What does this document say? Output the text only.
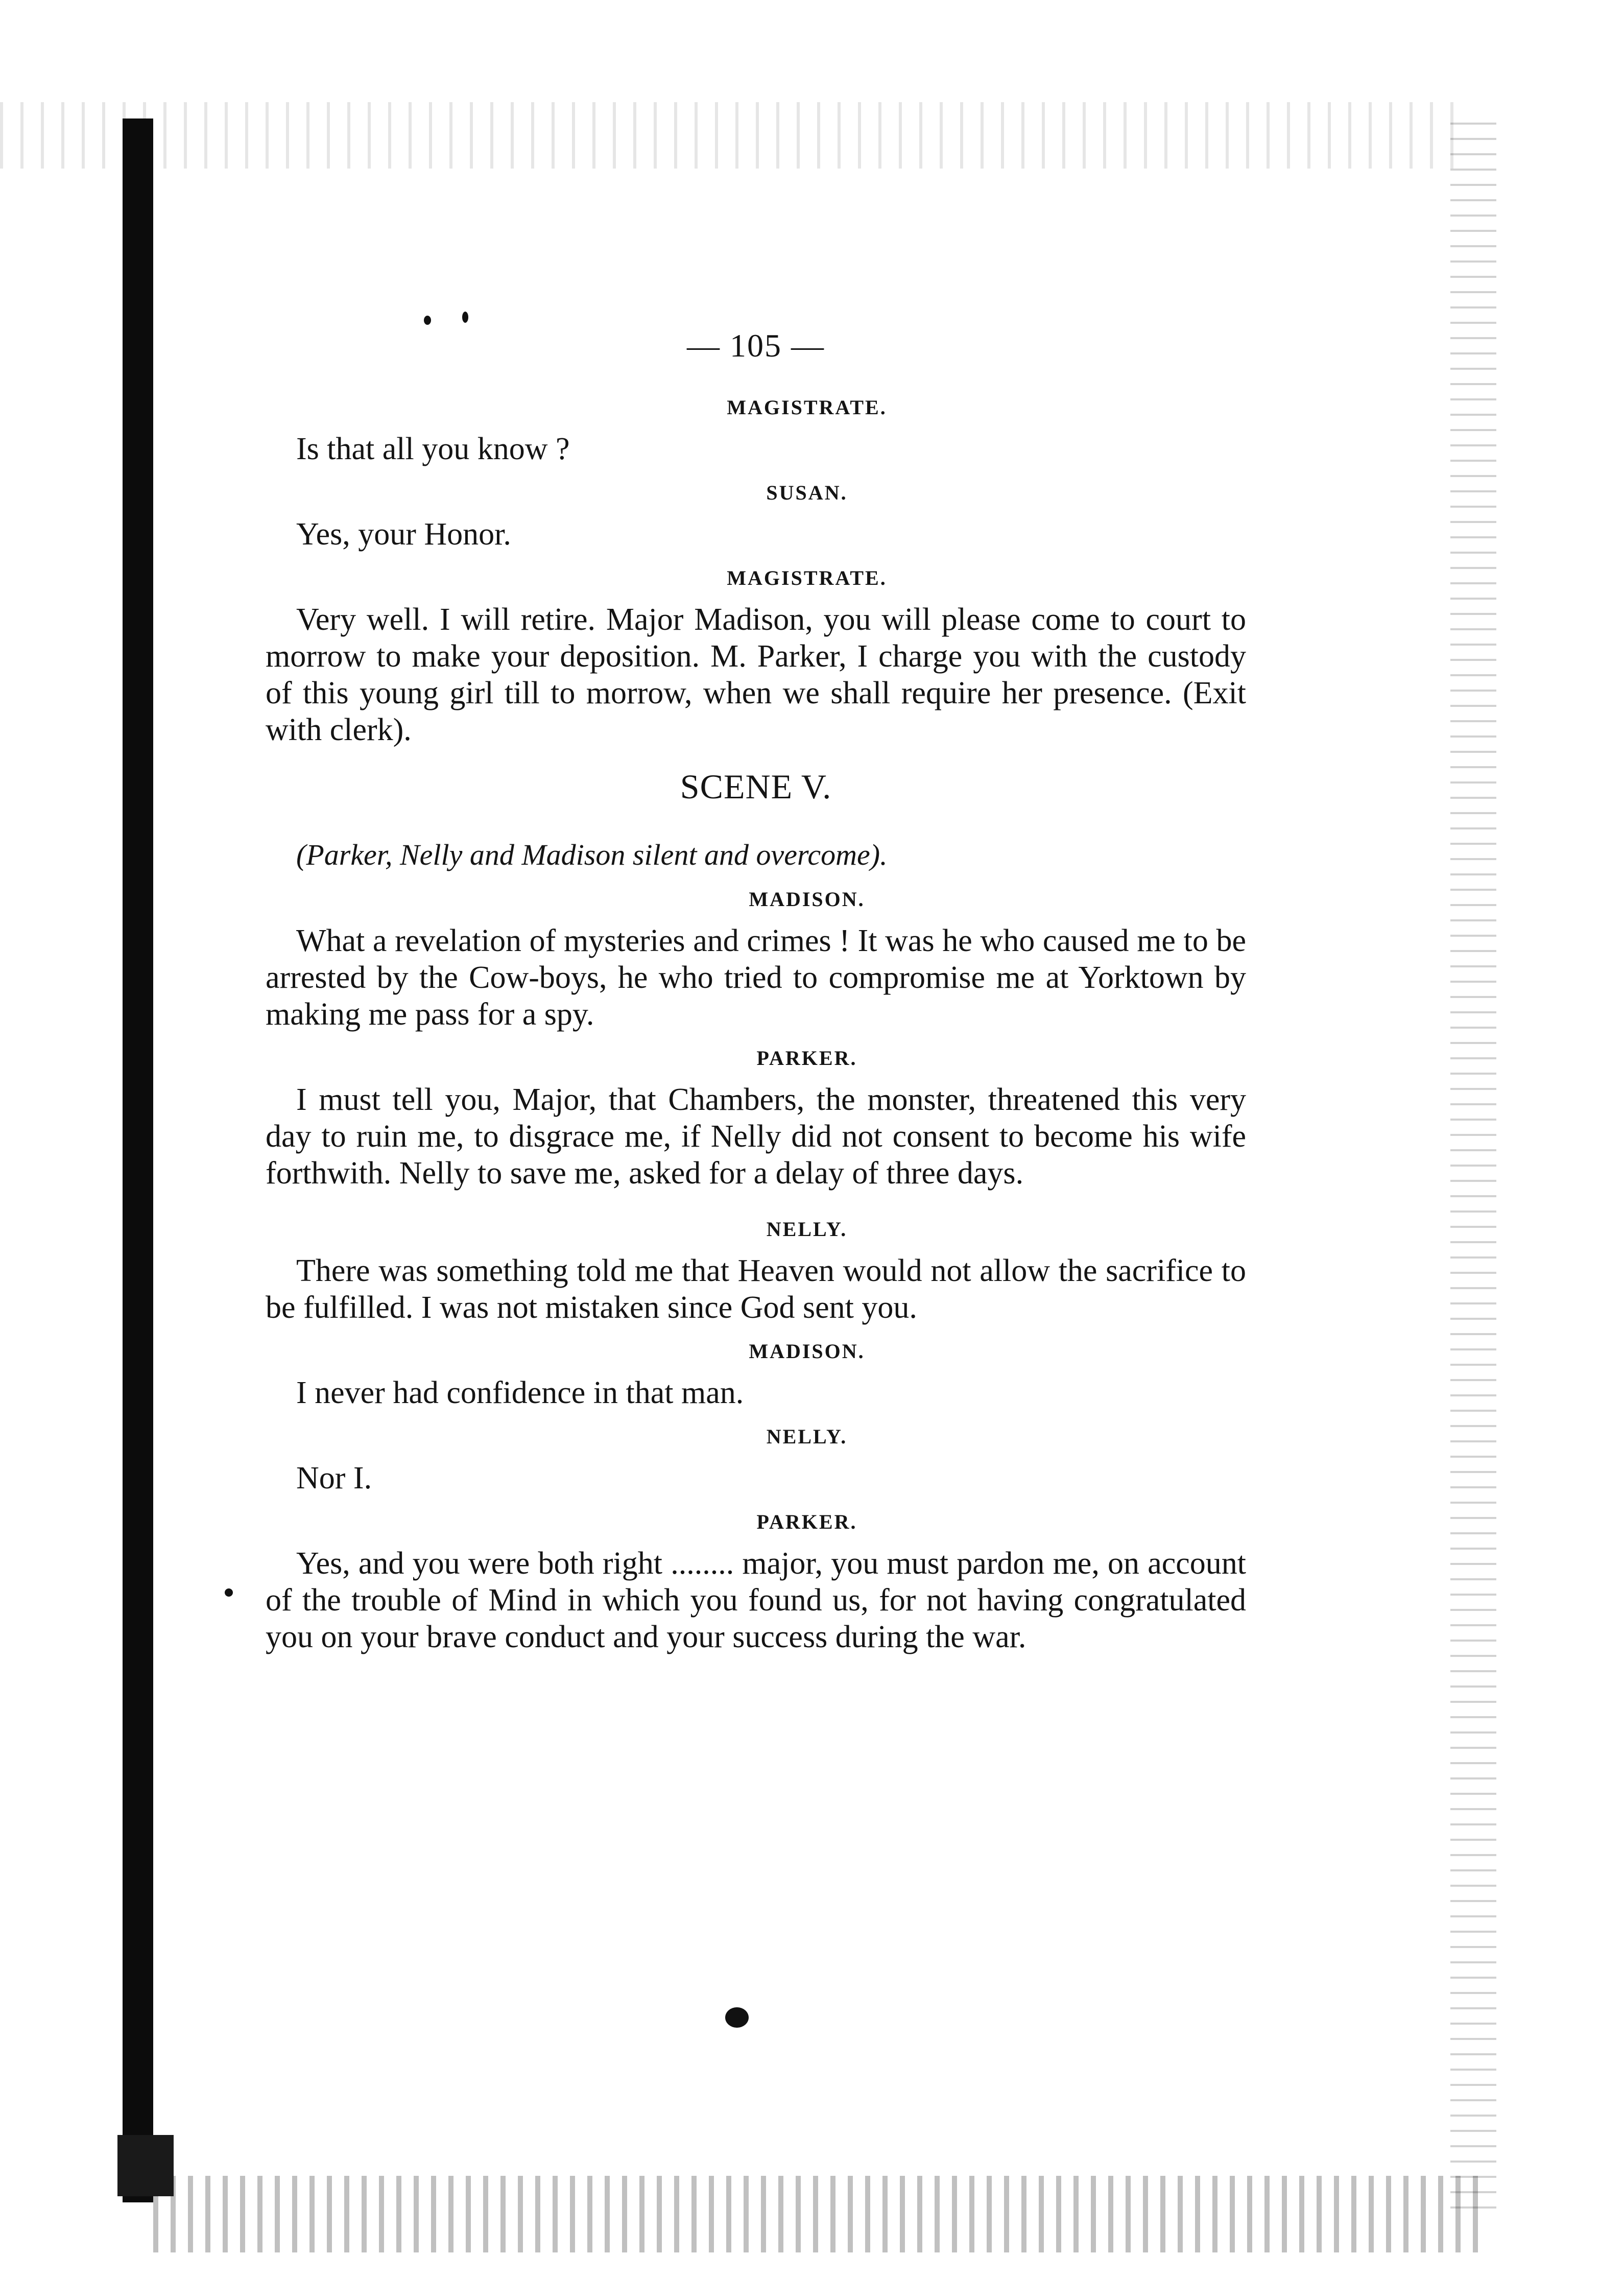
— 105 —
MAGISTRATE.

Is that all you know ?

SUSAN.

Yes, your Honor.

MAGISTRATE.

Very well. I will retire. Major Madison, you will please come to court to morrow to make your deposition. M. Parker, I charge you with the custody of this young girl till to morrow, when we shall require her presence. (Exit with clerk).

SCENE V.

(Parker, Nelly and Madison silent and overcome).

MADISON.

What a revelation of mysteries and crimes ! It was he who caused me to be arrested by the Cow-boys, he who tried to compromise me at Yorktown by making me pass for a spy.

PARKER.

I must tell you, Major, that Chambers, the monster, threatened this very day to ruin me, to disgrace me, if Nelly did not consent to become his wife forthwith. Nelly to save me, asked for a delay of three days.

NELLY.

There was something told me that Heaven would not allow the sacrifice to be fulfilled. I was not mistaken since God sent you.

MADISON.

I never had confidence in that man.

NELLY.

Nor I.

PARKER.

Yes, and you were both right ........ major, you must pardon me, on account of the trouble of Mind in which you found us, for not having congratulated you on your brave conduct and your success during the war.
